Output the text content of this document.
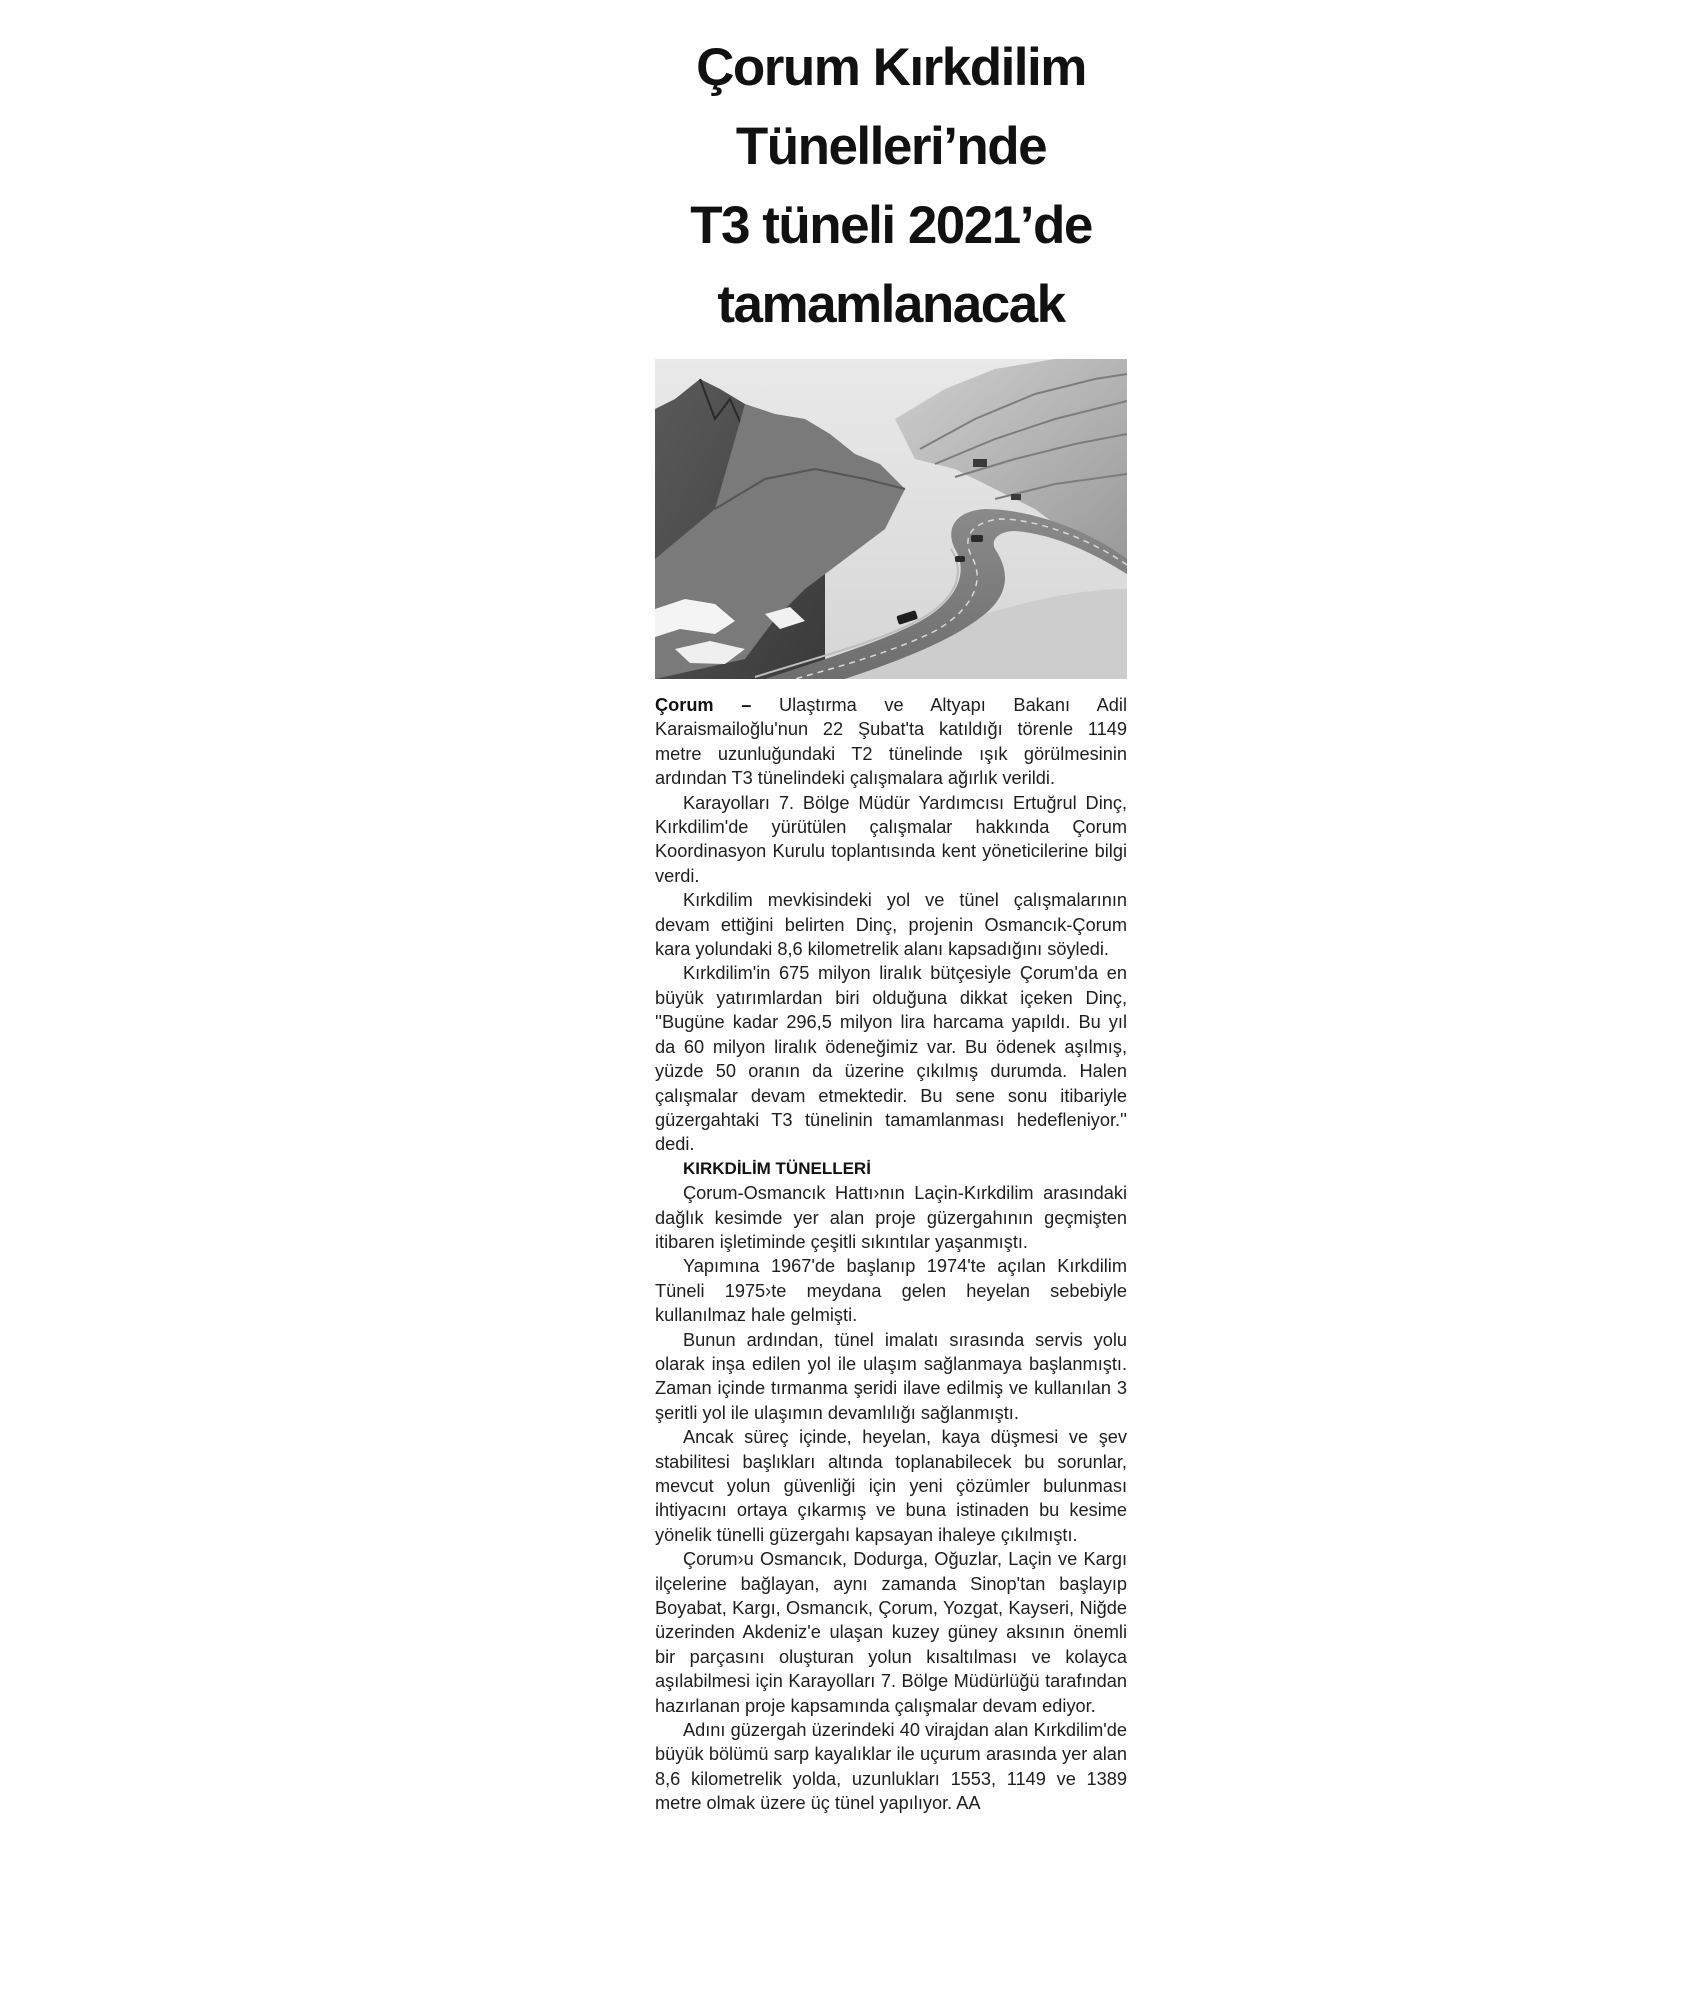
Çorum Kırkdilim
Tünelleri’nde
T3 tüneli 2021’de
tamamlanacak

Çorum – Ulaştırma ve Altyapı Bakanı Adil Karaismailoğlu'nun 22 Şubat'ta katıldığı törenle 1149 metre uzunluğundaki T2 tünelinde ışık görülmesinin ardından T3 tünelindeki çalışmalara ağırlık verildi.

Karayolları 7. Bölge Müdür Yardımcısı Ertuğrul Dinç, Kırkdilim'de yürütülen çalışmalar hakkında Çorum Koordinasyon Kurulu toplantısında kent yöneticilerine bilgi verdi.

Kırkdilim mevkisindeki yol ve tünel çalışmalarının devam ettiğini belirten Dinç, projenin Osmancık-Çorum kara yolundaki 8,6 kilometrelik alanı kapsadığını söyledi.

Kırkdilim'in 675 milyon liralık bütçesiyle Çorum'da en büyük yatırımlardan biri olduğuna dikkat içeken Dinç, ''Bugüne kadar 296,5 milyon lira harcama yapıldı. Bu yıl da 60 milyon liralık ödeneğimiz var. Bu ödenek aşılmış, yüzde 50 oranın da üzerine çıkılmış durumda. Halen çalışmalar devam etmektedir. Bu sene sonu itibariyle güzergahtaki T3 tünelinin tamamlanması hedefleniyor.'' dedi.

KIRKDİLİM TÜNELLERİ

Çorum-Osmancık Hattı›nın Laçin-Kırkdilim arasındaki dağlık kesimde yer alan proje güzergahının geçmişten itibaren işletiminde çeşitli sıkıntılar yaşanmıştı.

Yapımına 1967'de başlanıp 1974'te açılan Kırkdilim Tüneli 1975›te meydana gelen heyelan sebebiyle kullanılmaz hale gelmişti.

Bunun ardından, tünel imalatı sırasında servis yolu olarak inşa edilen yol ile ulaşım sağlanmaya başlanmıştı. Zaman içinde tırmanma şeridi ilave edilmiş ve kullanılan 3 şeritli yol ile ulaşımın devamlılığı sağlanmıştı.

Ancak süreç içinde, heyelan, kaya düşmesi ve şev stabilitesi başlıkları altında toplanabilecek bu sorunlar, mevcut yolun güvenliği için yeni çözümler bulunması ihtiyacını ortaya çıkarmış ve buna istinaden bu kesime yönelik tünelli güzergahı kapsayan ihaleye çıkılmıştı.

Çorum›u Osmancık, Dodurga, Oğuzlar, Laçin ve Kargı ilçelerine bağlayan, aynı zamanda Sinop'tan başlayıp Boyabat, Kargı, Osmancık, Çorum, Yozgat, Kayseri, Niğde üzerinden Akdeniz'e ulaşan kuzey güney aksının önemli bir parçasını oluşturan yolun kısaltılması ve kolayca aşılabilmesi için Karayolları 7. Bölge Müdürlüğü tarafından hazırlanan proje kapsamında çalışmalar devam ediyor.

Adını güzergah üzerindeki 40 virajdan alan Kırkdilim'de büyük bölümü sarp kayalıklar ile uçurum arasında yer alan 8,6 kilometrelik yolda, uzunlukları 1553, 1149 ve 1389 metre olmak üzere üç tünel yapılıyor. AA
